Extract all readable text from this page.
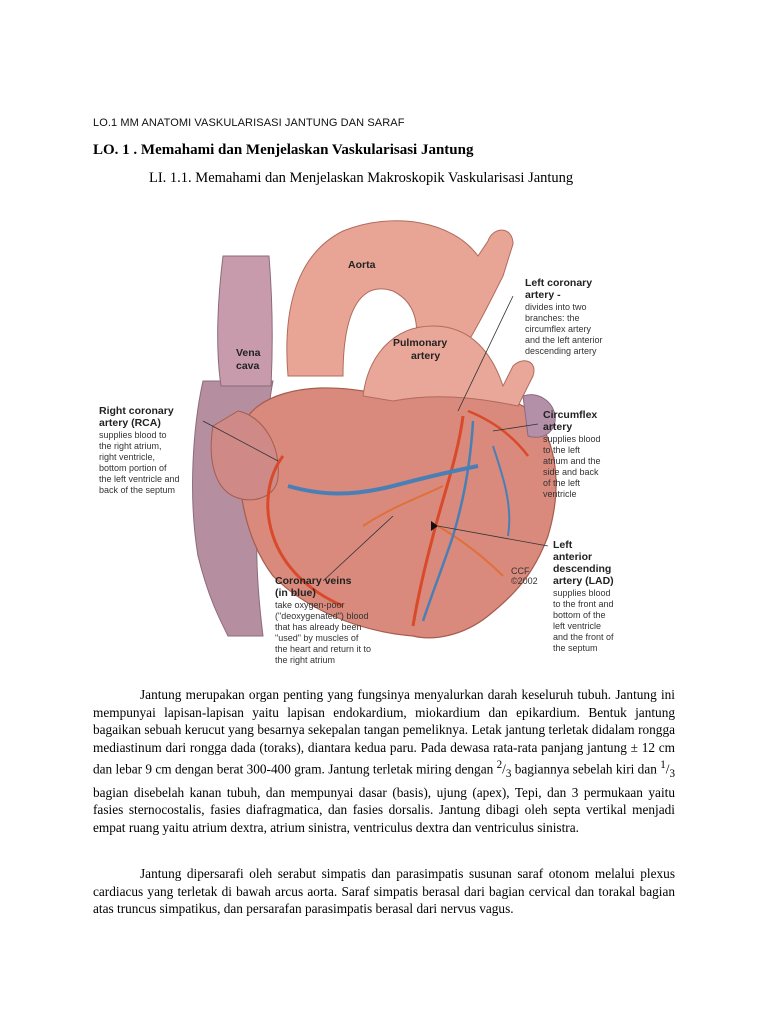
LO.1 MM ANATOMI VASKULARISASI JANTUNG DAN SARAF
LO. 1 . Memahami dan Menjelaskan Vaskularisasi Jantung
LI. 1.1. Memahami dan Menjelaskan Makroskopik Vaskularisasi Jantung
Aorta
Vena
cava
Pulmonary
artery
Left coronary
artery -
divides into two
branches: the
circumflex artery
and the left anterior
descending artery
Right coronary
artery (RCA)
supplies blood to
the right atrium,
right ventricle,
bottom portion of
the left ventricle and
back of the septum
Circumflex
artery
supplies blood
to the left
atrium and the
side and back
of the left
ventricle
Left
anterior
descending
artery (LAD)
supplies blood
to the front and
bottom of the
left ventricle
and the front of
the septum
Coronary veins
(in blue)
take oxygen-poor
("deoxygenated") blood
that has already been
"used" by muscles of
the heart and return it to
the right atrium
CCF
©2002

Jantung merupakan organ penting yang fungsinya menyalurkan darah keseluruh tubuh. Jantung ini mempunyai lapisan-lapisan yaitu lapisan endokardium, miokardium dan epikardium. Bentuk jantung bagaikan sebuah kerucut yang besarnya sekepalan tangan pemeliknya. Letak jantung terletak didalam rongga mediastinum dari rongga dada (toraks), diantara kedua paru. Pada dewasa rata-rata panjang jantung ± 12 cm dan lebar 9 cm dengan berat 300-400 gram. Jantung terletak miring dengan $^2/_3$ bagiannya sebelah kiri dan $^1/_3$ bagian disebelah kanan tubuh, dan mempunyai dasar (basis), ujung (apex), Tepi, dan 3 permukaan yaitu fasies sternocostalis, fasies diafragmatica, dan fasies dorsalis. Jantung dibagi oleh septa vertikal menjadi empat ruang yaitu atrium dextra, atrium sinistra, ventriculus dextra dan ventriculus sinistra.

Jantung dipersarafi oleh serabut simpatis dan parasimpatis susunan saraf otonom melalui plexus cardiacus yang terletak di bawah arcus aorta. Saraf simpatis berasal dari bagian cervical dan torakal bagian atas truncus simpatikus, dan persarafan parasimpatis berasal dari nervus vagus.
